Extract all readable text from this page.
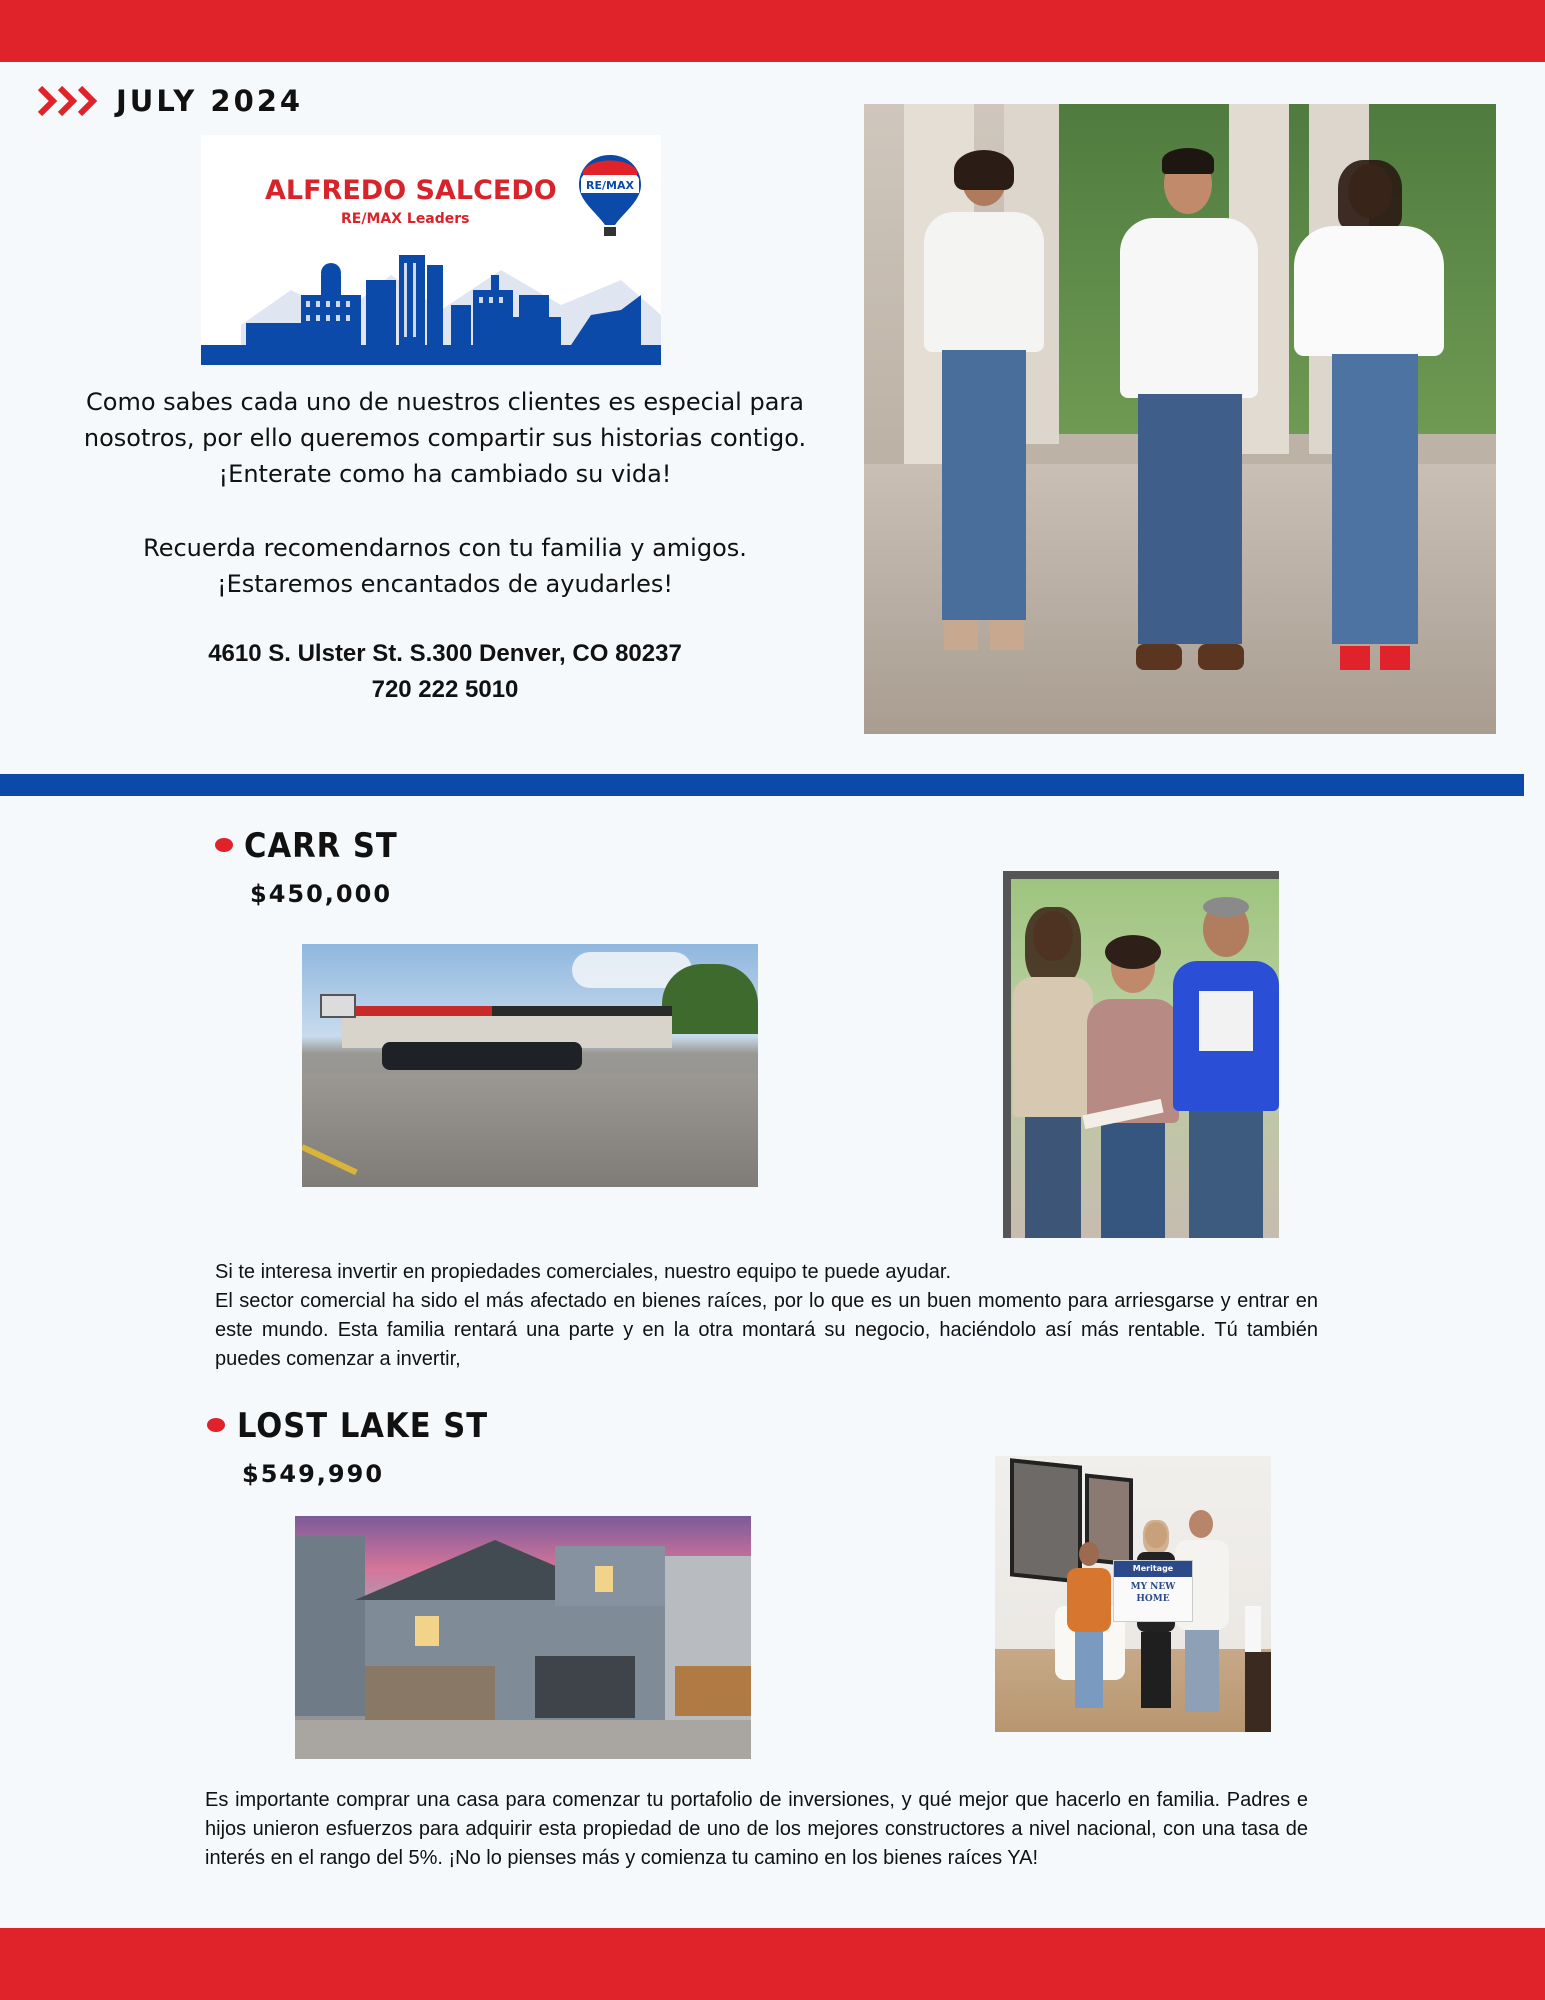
JULY 2024
ALFREDO SALCEDO
RE/MAX Leaders
RE/MAX
Como sabes cada uno de nuestros clientes es especial para nosotros, por ello queremos compartir sus historias contigo. ¡Enterate como ha cambiado su vida!
Recuerda recomendarnos con tu familia y amigos. ¡Estaremos encantados de ayudarles!
4610 S. Ulster St. S.300 Denver, CO 80237
720 222 5010
CARR ST
$450,000
Si te interesa invertir en propiedades comerciales, nuestro equipo te puede ayudar.
El sector comercial ha sido el más afectado en bienes raíces, por lo que es un buen momento para arriesgarse y entrar en este mundo. Esta familia rentará una parte y en la otra montará su negocio, haciéndolo así más rentable. Tú también puedes comenzar a invertir,
LOST LAKE ST
$549,990
Meritage
MY NEW HOME
Es importante comprar una casa para comenzar tu portafolio de inversiones, y qué mejor que hacerlo en familia. Padres e hijos unieron esfuerzos para adquirir esta propiedad de uno de los mejores constructores a nivel nacional, con una tasa de interés en el rango del 5%. ¡No lo pienses más y comienza tu camino en los bienes raíces YA!
